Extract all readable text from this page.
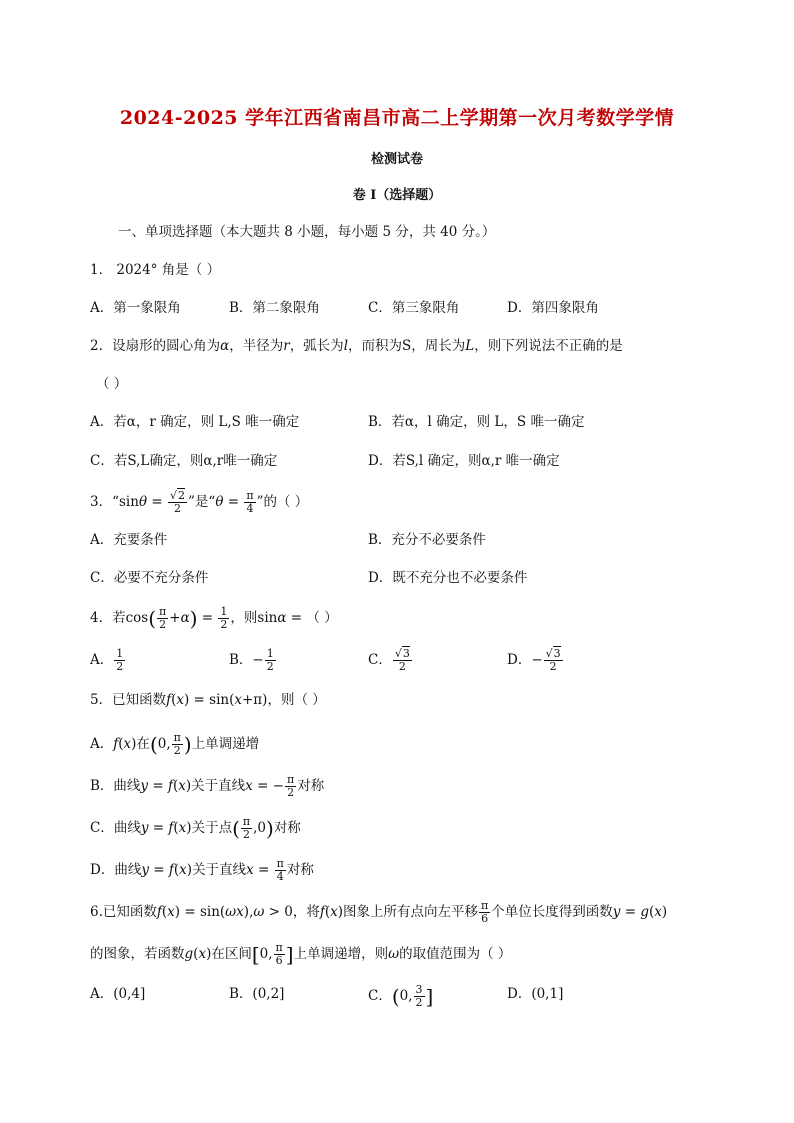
2024-2025 学年江西省南昌市高二上学期第一次月考数学学情
检测试卷
卷 I（选择题）
一、单项选择题（本大题共 8 小题，每小题 5 分，共 40 分。）
1． 2024° 角是（ ）
A．第一象限角	B．第二象限角	C．第三象限角	D．第四象限角
2．设扇形的圆心角为α，半径为r，弧长为l，而积为S，周长为L，则下列说法不正确的是
（ ）
A．若α，r 确定，则 L,S 唯一确定	B．若α，l 确定，则 L，S 唯一确定
C．若S,L确定，则α,r唯一确定	D．若S,l 确定，则α,r 唯一确定
3．“$\sin\theta = \frac{√2}{2}$ ”是“$\theta = \frac{\pi}{4}$ ”的（ ）
A．充要条件	B．充分不必要条件
C．必要不充分条件	D．既不充分也不必要条件
4．若$\cos( \frac{\pi}{2} +\alpha) = \frac{1}{2}$ ，则sinα = （ ）
A． $\frac{1}{2}$	B．− $\frac{1}{2}$	C． $\frac{√3}{2}$	D．− $\frac{√3}{2}$
5．已知函数f(x) = sin(x+π)，则（ ）
A．f(x)在(0, $\frac{\pi}{2}$ )上单调递增
B．曲线y = f(x)关于直线x = − $\frac{\pi}{2}$ 对称
C．曲线y = f(x)关于点( $\frac{\pi}{2} ,0$)对称
D．曲线y = f(x)关于直线$x = \frac{\pi}{4}$ 对称
6.已知函数f(x) = sin(ωx),ω > 0，将f(x)图象上所有点向左平移 $\frac{\pi}{6}$ 个单位长度得到函数y = g(x)
的图象，若函数g(x)在区间[0, $\frac{\pi}{6}$ ]上单调递增，则ω的取值范围为（ ）
A．(0,4]	B．(0,2]	C．(0, $\frac{3}{2}$ ]	D．(0,1]
